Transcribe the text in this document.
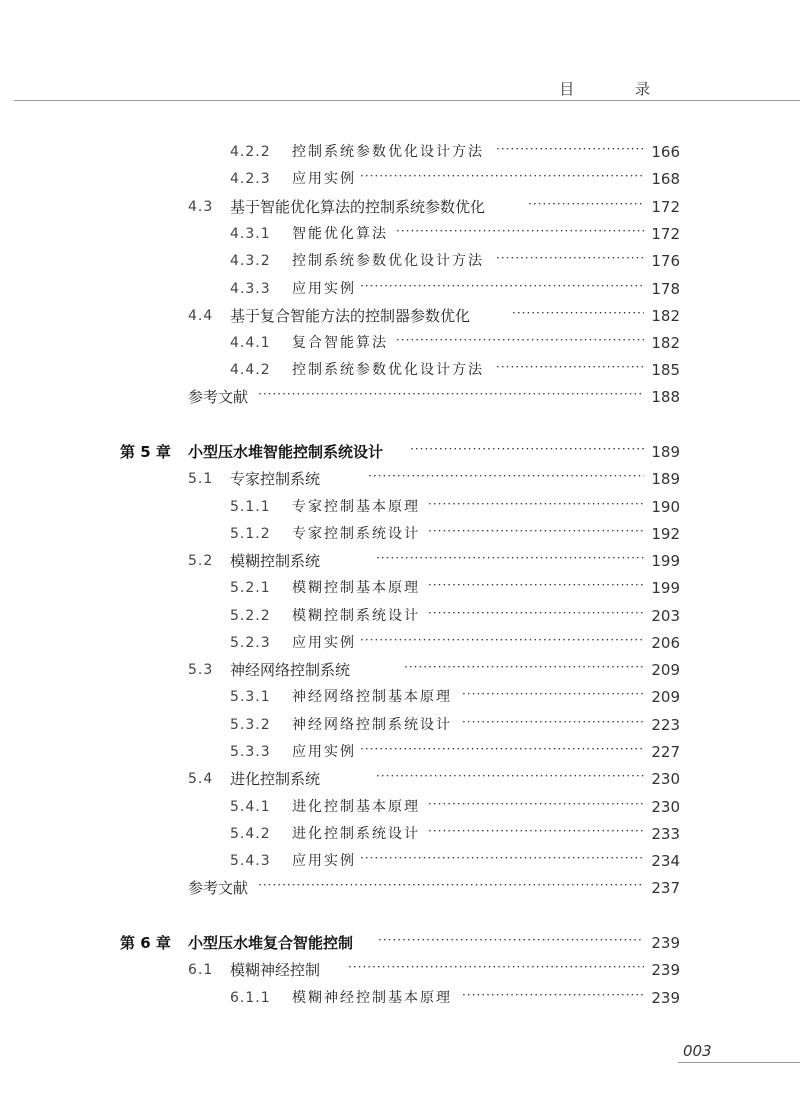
目 录
4.2.2 控制系统参数优化设计方法 ·····	166
4.2.3 应用实例 ·····	168
4.3 基于智能优化算法的控制系统参数优化 ·····	172
4.3.1 智能优化算法 ·····	172
4.3.2 控制系统参数优化设计方法 ·····	176
4.3.3 应用实例 ·····	178
4.4 基于复合智能方法的控制器参数优化 ·····	182
4.4.1 复合智能算法 ·····	182
4.4.2 控制系统参数优化设计方法 ·····	185
参考文献 ·····	188
第 5 章 小型压水堆智能控制系统设计 ·····	189
5.1 专家控制系统 ·····	189
5.1.1 专家控制基本原理 ·····	190
5.1.2 专家控制系统设计 ·····	192
5.2 模糊控制系统 ·····	199
5.2.1 模糊控制基本原理 ·····	199
5.2.2 模糊控制系统设计 ·····	203
5.2.3 应用实例 ·····	206
5.3 神经网络控制系统 ·····	209
5.3.1 神经网络控制基本原理 ·····	209
5.3.2 神经网络控制系统设计 ·····	223
5.3.3 应用实例 ·····	227
5.4 进化控制系统 ·····	230
5.4.1 进化控制基本原理 ·····	230
5.4.2 进化控制系统设计 ·····	233
5.4.3 应用实例 ·····	234
参考文献 ·····	237
第 6 章 小型压水堆复合智能控制 ·····	239
6.1 模糊神经控制 ·····	239
6.1.1 模糊神经控制基本原理 ·····	239
003
